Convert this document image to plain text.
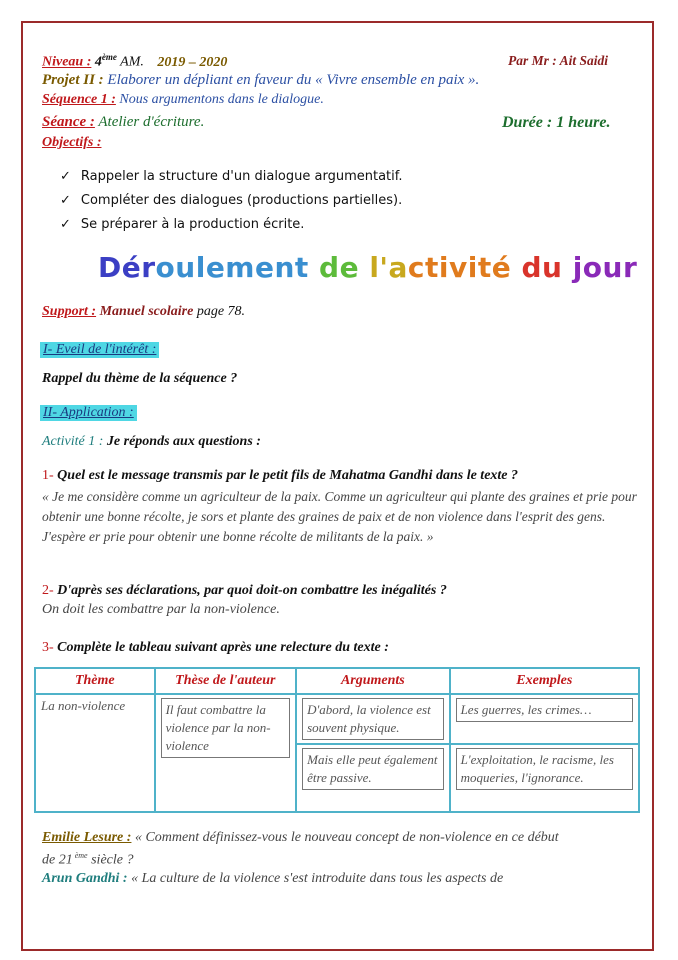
Niveau : 4ème AM. 2019 – 2020	Par Mr : Ait Saidi
Projet II : Elaborer un dépliant en faveur du « Vivre ensemble en paix ».
Séquence 1 : Nous argumentons dans le dialogue.
Séance : Atelier d'écriture.	Durée : 1 heure.
Objectifs :
✓ Rappeler la structure d'un dialogue argumentatif.
✓ Compléter des dialogues (productions partielles).
✓ Se préparer à la production écrite.
Déroulement de l'activité du jour
Support : Manuel scolaire page 78.
I- Eveil de l'intérêt :
Rappel du thème de la séquence ?
II- Application :
Activité 1 : Je réponds aux questions :
1- Quel est le message transmis par le petit fils de Mahatma Gandhi dans le texte ?
« Je me considère comme un agriculteur de la paix. Comme un agriculteur qui plante des graines et prie pour obtenir une bonne récolte, je sors et plante des graines de paix et de non violence dans l'esprit des gens. J'espère er prie pour obtenir une bonne récolte de militants de la paix. »
2- D'après ses déclarations, par quoi doit-on combattre les inégalités ?
On doit les combattre par la non-violence.
3- Complète le tableau suivant après une relecture du texte :
Thème	Thèse de l'auteur	Arguments	Exemples

La non-violence	Il faut combattre la violence par la non-violence	D'abord, la violence est souvent physique.	Les guerres, les crimes…

		Mais elle peut également être passive.	L'exploitation, le racisme, les moqueries, l'ignorance.
Emilie Lesure : « Comment définissez-vous le nouveau concept de non-violence en ce début
de 21 $^{ème}$ siècle ?
Arun Gandhi : « La culture de la violence s'est introduite dans tous les aspects de
